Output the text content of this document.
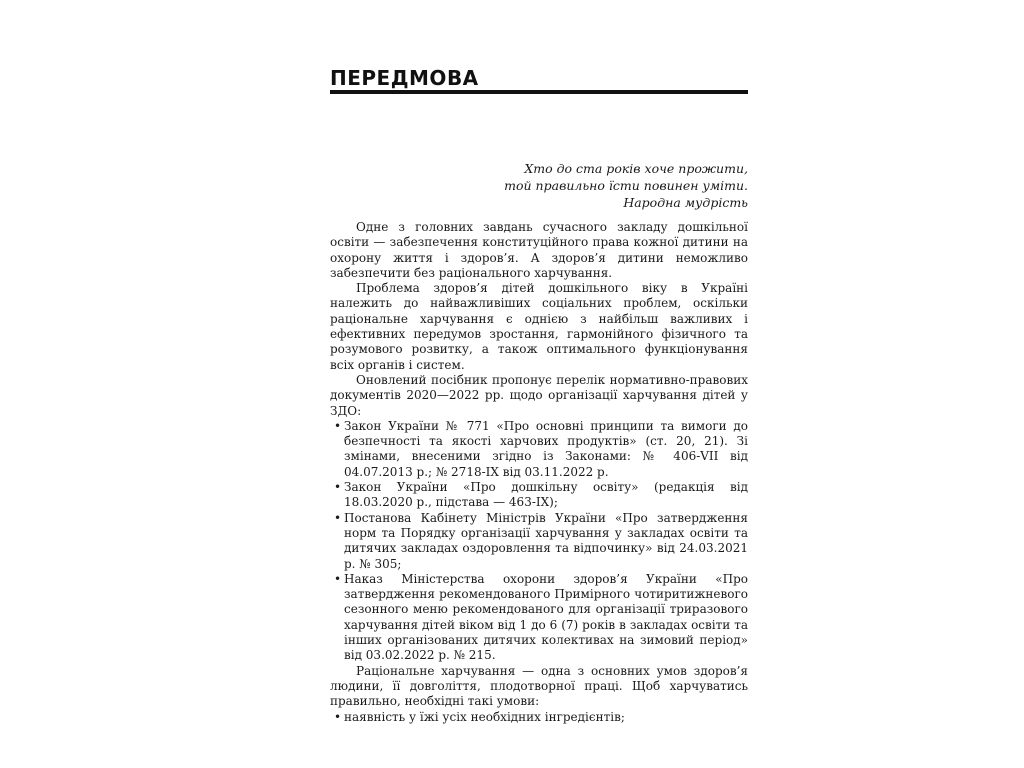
ПЕРЕДМОВА
Хто до ста років хоче прожити,
той правильно їсти повинен уміти.
Народна мудрість

Одне з головних завдань сучасного закладу дошкільної освіти — забезпечення конституційного права кожної дитини на охорону життя і здоров’я. А здоров’я дитини неможливо забезпечити без раціонального харчування.

Проблема здоров’я дітей дошкільного віку в Україні належить до найважливіших соціальних проблем, оскільки раціональне харчування є однією з найбільш важливих і ефективних передумов зростання, гармонійного фізичного та розумового розвитку, а також оптимального функціонування всіх органів і систем.

Оновлений посібник пропонує перелік нормативно-правових документів 2020—2022 рр. щодо організації харчування дітей у ЗДО:

• Закон України № 771 «Про основні принципи та вимоги до безпечності та якості харчових продуктів» (ст. 20, 21). Зі змінами, внесеними згідно із Законами: № 406-VII від 04.07.2013 р.; № 2718-IX від 03.11.2022 р.
• Закон України «Про дошкільну освіту» (редакція від 18.03.2020 р., підстава — 463-IX);
• Постанова Кабінету Міністрів України «Про затвердження норм та Порядку організації харчування у закладах освіти та дитячих закладах оздоровлення та відпочинку» від 24.03.2021 р. № 305;
• Наказ Міністерства охорони здоров’я України «Про затвердження рекомендованого Примірного чотиритижневого сезонного меню рекомендованого для організації триразового харчування дітей віком від 1 до 6 (7) років в закладах освіти та інших організованих дитячих колективах на зимовий період» від 03.02.2022 р. № 215.

Раціональне харчування — одна з основних умов здоров’я людини, її довголіття, плодотворної праці. Щоб харчуватись правильно, необхідні такі умови:

• наявність у їжі усіх необхідних інгредієнтів;
